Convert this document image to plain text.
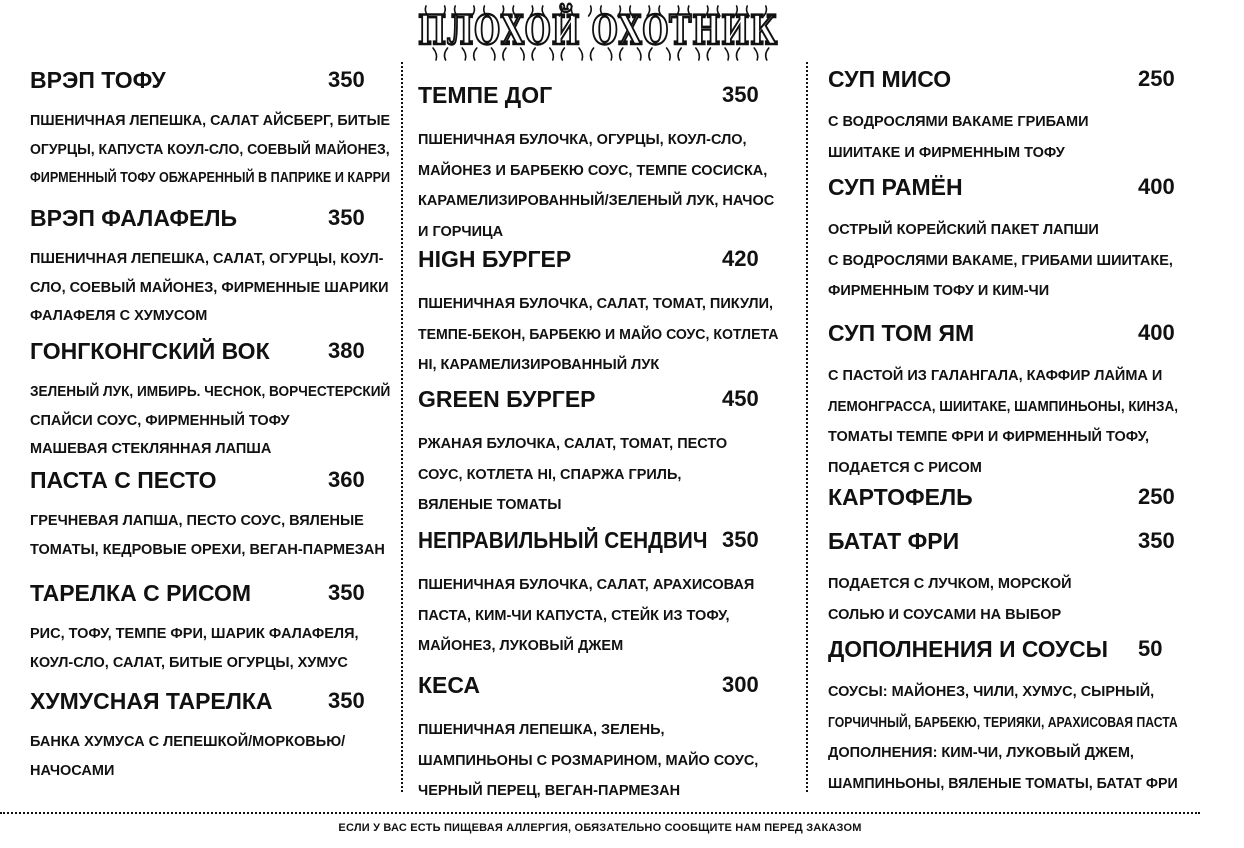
ПЛОХОЙ ОХОТНИК
ВРЭП ТОФУ	350
ПШЕНИЧНАЯ ЛЕПЕШКА, САЛАТ АЙСБЕРГ, БИТЫЕ
ОГУРЦЫ, КАПУСТА КОУЛ-СЛО, СОЕВЫЙ МАЙОНЕЗ,
ФИРМЕННЫЙ ТОФУ ОБЖАРЕННЫЙ В ПАПРИКЕ И КАРРИ
ВРЭП ФАЛАФЕЛЬ	350
ПШЕНИЧНАЯ ЛЕПЕШКА, САЛАТ, ОГУРЦЫ, КОУЛ-
СЛО, СОЕВЫЙ МАЙОНЕЗ, ФИРМЕННЫЕ ШАРИКИ
ФАЛАФЕЛЯ С ХУМУСОМ
ГОНГКОНГСКИЙ ВОК	380
ЗЕЛЕНЫЙ ЛУК, ИМБИРЬ. ЧЕСНОК, ВОРЧЕСТЕРСКИЙ
СПАЙСИ СОУС, ФИРМЕННЫЙ ТОФУ
МАШЕВАЯ СТЕКЛЯННАЯ ЛАПША
ПАСТА С ПЕСТО	360
ГРЕЧНЕВАЯ ЛАПША, ПЕСТО СОУС, ВЯЛЕНЫЕ
ТОМАТЫ, КЕДРОВЫЕ ОРЕХИ, ВЕГАН-ПАРМЕЗАН
ТАРЕЛКА С РИСОМ	350
РИС, ТОФУ, ТЕМПЕ ФРИ, ШАРИК ФАЛАФЕЛЯ,
КОУЛ-СЛО, САЛАТ, БИТЫЕ ОГУРЦЫ, ХУМУС
ХУМУСНАЯ ТАРЕЛКА	350
БАНКА ХУМУСА С ЛЕПЕШКОЙ/МОРКОВЬЮ/
НАЧОСАМИ
ТЕМПЕ ДОГ	350
ПШЕНИЧНАЯ БУЛОЧКА, ОГУРЦЫ, КОУЛ-СЛО,
МАЙОНЕЗ И БАРБЕКЮ СОУС, ТЕМПЕ СОСИСКА,
КАРАМЕЛИЗИРОВАННЫЙ/ЗЕЛЕНЫЙ ЛУК, НАЧОС
И ГОРЧИЦА
HIGH БУРГЕР	420
ПШЕНИЧНАЯ БУЛОЧКА, САЛАТ, ТОМАТ, ПИКУЛИ,
ТЕМПЕ-БЕКОН, БАРБЕКЮ И МАЙО СОУС, КОТЛЕТА
HI, КАРАМЕЛИЗИРОВАННЫЙ ЛУК
GREEN БУРГЕР	450
РЖАНАЯ БУЛОЧКА, САЛАТ, ТОМАТ, ПЕСТО
СОУС, КОТЛЕТА HI, СПАРЖА ГРИЛЬ,
ВЯЛЕНЫЕ ТОМАТЫ
НЕПРАВИЛЬНЫЙ СЕНДВИЧ 350
ПШЕНИЧНАЯ БУЛОЧКА, САЛАТ, АРАХИСОВАЯ
ПАСТА, КИМ-ЧИ КАПУСТА, СТЕЙК ИЗ ТОФУ,
МАЙОНЕЗ, ЛУКОВЫЙ ДЖЕМ
КЕСА	300
ПШЕНИЧНАЯ ЛЕПЕШКА, ЗЕЛЕНЬ,
ШАМПИНЬОНЫ С РОЗМАРИНОМ, МАЙО СОУС,
ЧЕРНЫЙ ПЕРЕЦ, ВЕГАН-ПАРМЕЗАН
СУП МИСО	250
С ВОДРОСЛЯМИ ВАКАМЕ ГРИБАМИ
ШИИТАКЕ И ФИРМЕННЫМ ТОФУ
СУП РАМЁН	400
ОСТРЫЙ КОРЕЙСКИЙ ПАКЕТ ЛАПШИ
С ВОДРОСЛЯМИ ВАКАМЕ, ГРИБАМИ ШИИТАКЕ,
ФИРМЕННЫМ ТОФУ И КИМ-ЧИ
СУП ТОМ ЯМ	400
С ПАСТОЙ ИЗ ГАЛАНГАЛА, КАФФИР ЛАЙМА И
ЛЕМОНГРАССА, ШИИТАКЕ, ШАМПИНЬОНЫ, КИНЗА,
ТОМАТЫ ТЕМПЕ ФРИ И ФИРМЕННЫЙ ТОФУ,
ПОДАЕТСЯ С РИСОМ
КАРТОФЕЛЬ	250
БАТАТ ФРИ	350
ПОДАЕТСЯ С ЛУЧКОМ, МОРСКОЙ
СОЛЬЮ И СОУСАМИ НА ВЫБОР
ДОПОЛНЕНИЯ И СОУСЫ 50
СОУСЫ: МАЙОНЕЗ, ЧИЛИ, ХУМУС, СЫРНЫЙ,
ГОРЧИЧНЫЙ, БАРБЕКЮ, ТЕРИЯКИ, АРАХИСОВАЯ ПАСТА
ДОПОЛНЕНИЯ: КИМ-ЧИ, ЛУКОВЫЙ ДЖЕМ,
ШАМПИНЬОНЫ, ВЯЛЕНЫЕ ТОМАТЫ, БАТАТ ФРИ
ЕСЛИ У ВАС ЕСТЬ ПИЩЕВАЯ АЛЛЕРГИЯ, ОБЯЗАТЕЛЬНО СООБЩИТЕ НАМ ПЕРЕД ЗАКАЗОМ
